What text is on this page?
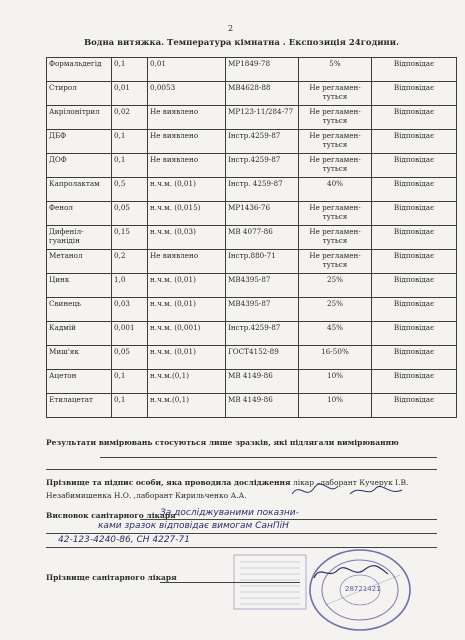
2
Водна витяжка. Температура кімнатна . Експозиція 24години.
Формальдегід	0,1	0,01	МР1849-78	5%	Відповідає
Стирол	0,01	0,0053	МВ4628-88	Не регламен-туться	Відповідає
Акрілонітрил	0,02	Не виявлено	МР123-11/284-77	Не регламен-туться	Відповідає
ДБФ	0,1	Не виявлено	Інстр.4259-87	Не регламен-туться	Відповідає
ДОФ	0,1	Не виявлено	Інстр.4259-87	Не регламен-туться	Відповідає
Капролактам	0,5	н.ч.м. (0,01)	Інстр. 4259-87	40%	Відповідає
Фенол	0,05	н.ч.м. (0,015)	МР1436-76	Не регламен-туться	Відповідає
Дифеніл-гуанідін	0,15	н.ч.м. (0,03)	МВ 4077-86	Не регламен-туться	Відповідає
Метанол	0,2	Не виявлено	Інстр.880-71	Не регламен-туться	Відповідає
Цинк	1,0	н.ч.м. (0,01)	МВ4395-87	25%	Відповідає
Свинець	0,03	н.ч.м. (0,01)	МВ4395-87	25%	Відповідає
Кадмій	0,001	н.ч.м. (0,001)	Інстр.4259-87	45%	Відповідає
Миш'як	0,05	н.ч.м. (0,01)	ГОСТ4152-89	16-50%	Відповідає
Ацетон	0,1	н.ч.м.(0,1)	МВ 4149-86	10%	Відповідає
Етилацетат	0,1	н.ч.м.(0,1)	МВ 4149-86	10%	Відповідає
Результати вимірювань стосуються лише зразків, які підлягали вимірюванню
Прізвище та підпис особи, яка проводила дослідження лікар –лаборант Кучерук І.В.
Незабимишенка Н.О. ,лаборант Кирильченко А.А.
Висновок санітарного лікаря
За досліджуваними показни-
ками зразок відповідає вимогам СанПіН
42-123-4240-86, СН 4227-71
28721421
Прізвище санітарного лікаря
